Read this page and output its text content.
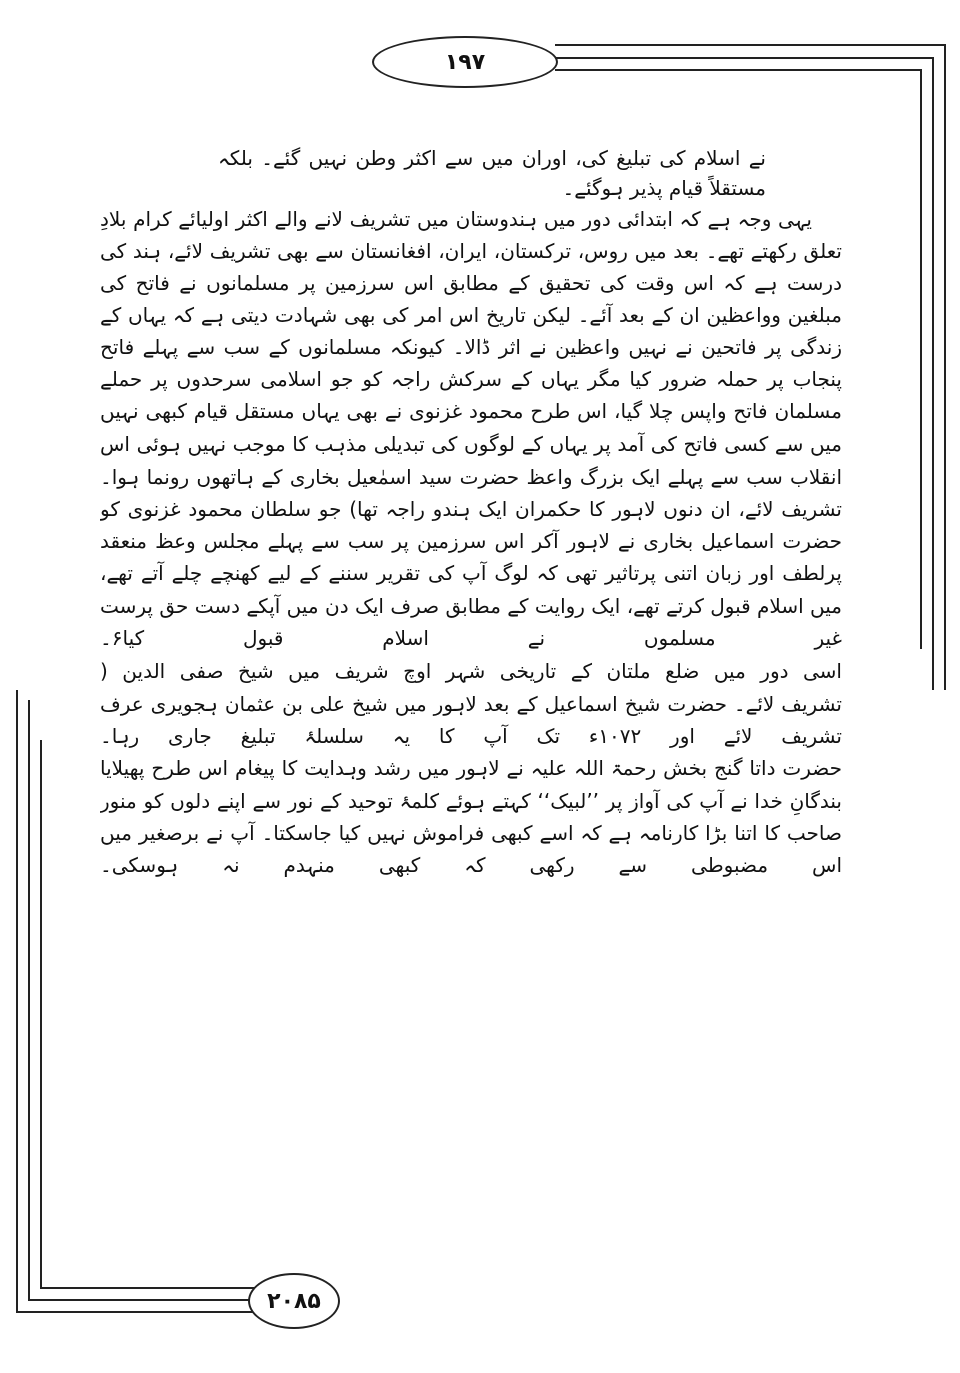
۱۹۷
۲۰۸۵
نے اسلام کی تبلیغ کی، اوران میں سے اکثر وطن نہیں گئے۔ بلکہ
مستقلاً قیام پذیر ہوگئے۔
یہی وجہ ہے کہ ابتدائی دور میں ہندوستان میں تشریف لانے والے اکثر اولیائے کرام بلادِ
تعلق رکھتے تھے۔ بعد میں روس، ترکستان، ایران، افغانستان سے بھی تشریف لائے، ہند کی
درست ہے کہ اس وقت کی تحقیق کے مطابق اس سرزمین پر مسلمانوں نے فاتح کی
مبلغین وواعظین ان کے بعد آئے۔ لیکن تاریخ اس امر کی بھی شہادت دیتی ہے کہ یہاں کے
زندگی پر فاتحین نے نہیں واعظین نے اثر ڈالا۔ کیونکہ مسلمانوں کے سب سے پہلے فاتح
پنجاب پر حملہ ضرور کیا مگر یہاں کے سرکش راجہ کو جو اسلامی سرحدوں پر حملے
مسلمان فاتح واپس چلا گیا، اس طرح محمود غزنوی نے بھی یہاں مستقل قیام کبھی نہیں
میں سے کسی فاتح کی آمد پر یہاں کے لوگوں کی تبدیلی مذہب کا موجب نہیں ہوئی اس
انقلاب سب سے پہلے ایک بزرگ واعظ حضرت سید اسمٰعیل بخاری کے ہاتھوں رونما ہوا۔
تشریف لائے، ان دنوں لاہور کا حکمران ایک ہندو راجہ تھا) جو سلطان محمود غزنوی کو
حضرت اسماعیل بخاری نے لاہور آکر اس سرزمین پر سب سے پہلے مجلس وعظ منعقد
پرلطف اور زبان اتنی پرتاثیر تھی کہ لوگ آپ کی تقریر سننے کے لیے کھنچے چلے آتے تھے،
میں اسلام قبول کرتے تھے، ایک روایت کے مطابق صرف ایک دن میں آپکے دست حق پرست
غیر مسلموں نے اسلام قبول کیا۶۔
اسی دور میں ضلع ملتان کے تاریخی شہر اوچ شریف میں شیخ صفی الدین (
تشریف لائے۔ حضرت شیخ اسماعیل کے بعد لاہور میں شیخ علی بن عثمان ہجویری عرف
تشریف لائے اور ۱۰۷۲ء تک آپ کا یہ سلسلۂ تبلیغ جاری رہا۔
حضرت داتا گنج بخش رحمۃ اللہ علیہ نے لاہور میں رشد وہدایت کا پیغام اس طرح پھیلایا
بندگانِ خدا نے آپ کی آواز پر ’’لبیک‘‘ کہتے ہوئے کلمۂ توحید کے نور سے اپنے دلوں کو منور
صاحب کا اتنا بڑا کارنامہ ہے کہ اسے کبھی فراموش نہیں کیا جاسکتا۔ آپ نے برصغیر میں
اس مضبوطی سے رکھی کہ کبھی منہدم نہ ہوسکی۔
